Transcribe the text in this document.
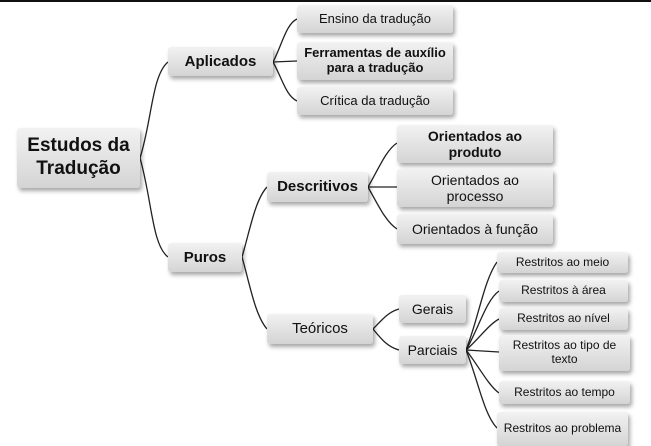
Estudos da Tradução
Aplicados
Puros
Ensino da tradução
Ferramentas de auxílio para a tradução
Crítica da tradução
Descritivos
Teóricos
Orientados ao produto
Orientados ao processo
Orientados à função
Gerais
Parciais
Restritos ao meio
Restritos à área
Restritos ao nível
Restritos ao tipo de texto
Restritos ao tempo
Restritos ao problema
